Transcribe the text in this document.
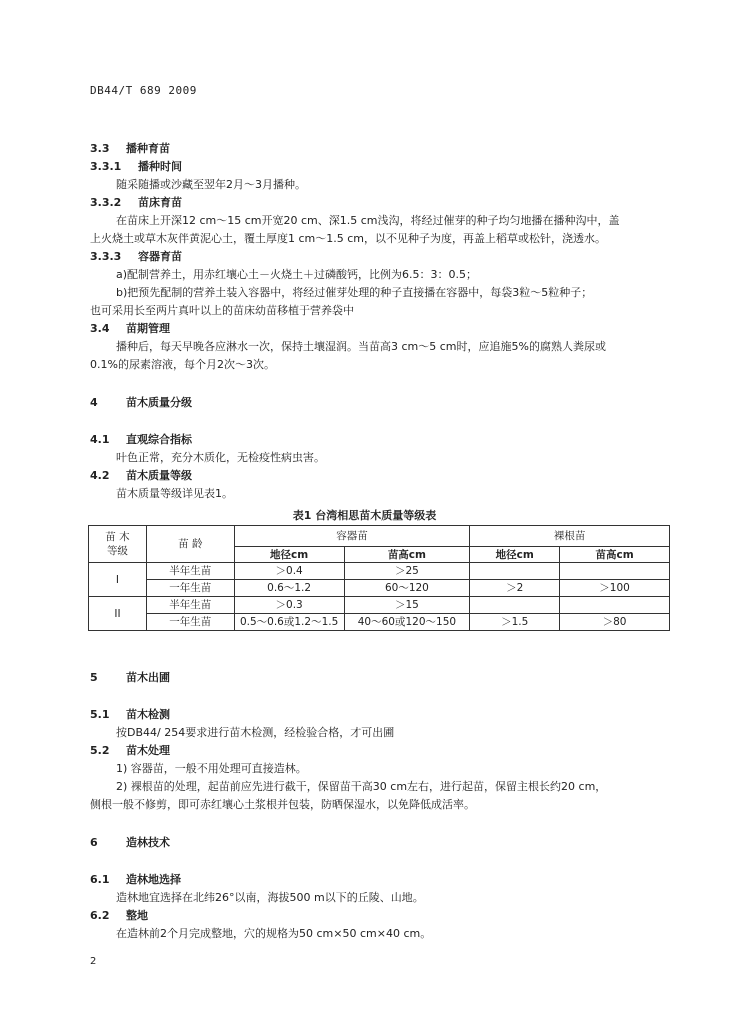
DB44/T 689 2009
3.3 播种育苗
3.3.1 播种时间
随采随播或沙藏至翌年2月～3月播种。
3.3.2 苗床育苗
在苗床上开深12 cm～15 cm开宽20 cm、深1.5 cm浅沟，将经过催芽的种子均匀地播在播种沟中，盖
上火烧土或草木灰伴黄泥心土，覆土厚度1 cm～1.5 cm，以不见种子为度，再盖上稻草或松针，浇透水。
3.3.3 容器育苗
a)配制营养土，用赤红壤心土－火烧土＋过磷酸钙，比例为6.5：3：0.5；
b)把预先配制的营养土装入容器中，将经过催芽处理的种子直接播在容器中，每袋3粒～5粒种子；
也可采用长至两片真叶以上的苗床幼苗移植于营养袋中
3.4 苗期管理
播种后，每天早晚各应淋水一次，保持土壤湿润。当苗高3 cm～5 cm时，应追施5%的腐熟人粪尿或
0.1%的尿素溶液，每个月2次～3次。
4	苗木质量分级
4.1 直观综合指标
叶色正常，充分木质化，无检疫性病虫害。
4.2 苗木质量等级
苗木质量等级详见表1。
表1 台湾相思苗木质量等级表
苗 木
等级	苗 龄	容器苗		裸根苗	
		地径cm	苗高cm	地径cm	苗高cm
I	半年生苗	＞0.4	＞25		
	一年生苗	0.6～1.2	60～120	＞2	＞100
II	半年生苗	＞0.3	＞15		
	一年生苗	0.5～0.6或1.2～1.5	40～60或120～150	＞1.5	＞80
5	苗木出圃
5.1 苗木检测
按DB44/ 254要求进行苗木检测，经检验合格，才可出圃
5.2 苗木处理
1) 容器苗，一般不用处理可直接造林。
2) 裸根苗的处理，起苗前应先进行截干，保留苗干高30 cm左右，进行起苗，保留主根长约20 cm，
侧根一般不修剪，即可赤红壤心土浆根并包装，防晒保湿水，以免降低成活率。
6	造林技术
6.1 造林地选择
造林地宜选择在北纬26°以南，海拔500 m以下的丘陵、山地。
6.2 整地
在造林前2个月完成整地，穴的规格为50 cm×50 cm×40 cm。
2
